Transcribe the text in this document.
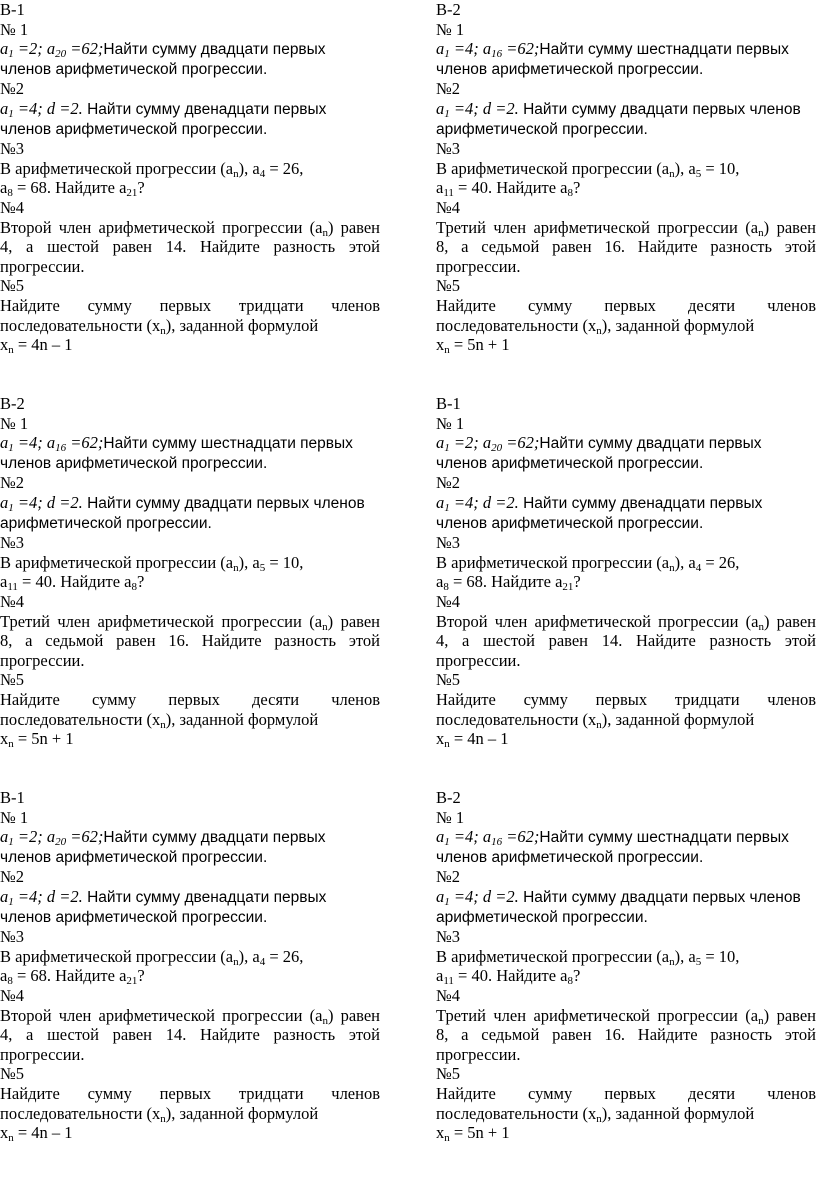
В-1
№ 1
$a_1 =2$; $a_{20}$ =62;Найти сумму двадцати первых
членов арифметической прогрессии.
№2
$a_1 =4$; d =2. Найти сумму двенадцати первых
членов арифметической прогрессии.
№3
В арифметической прогрессии $(a_n)$, $a_4 = 26$,
$a_8 = 68$. Найдите $a_{21}$?
№4
Второй член арифметической прогрессии $(a_n)$ равен
4, а шестой равен 14. Найдите разность этой
прогрессии.
№5
Найдите сумму первых тридцати членов
последовательности $(x_n)$, заданной формулой
$x_n = 4n - 1$
В-2
№ 1
$a_1 =4$; $a_{16}$ =62;Найти сумму шестнадцати первых
членов арифметической прогрессии.
№2
$a_1 =4$; d =2. Найти сумму двадцати первых членов
арифметической прогрессии.
№3
В арифметической прогрессии $(a_n)$, $a_5 = 10$,
$a_{11} = 40$. Найдите $a_8$?
№4
Третий член арифметической прогрессии $(a_n)$ равен
8, а седьмой равен 16. Найдите разность этой
прогрессии.
№5
Найдите сумму первых десяти членов
последовательности $(x_n)$, заданной формулой
$x_n = 5n + 1$
В-2
№ 1
$a_1 =4$; $a_{16}$ =62;Найти сумму шестнадцати первых
членов арифметической прогрессии.
№2
$a_1 =4$; d =2. Найти сумму двадцати первых членов
арифметической прогрессии.
№3
В арифметической прогрессии $(a_n)$, $a_5 = 10$,
$a_{11} = 40$. Найдите $a_8$?
№4
Третий член арифметической прогрессии $(a_n)$ равен
8, а седьмой равен 16. Найдите разность этой
прогрессии.
№5
Найдите сумму первых десяти членов
последовательности $(x_n)$, заданной формулой
$x_n = 5n + 1$
В-1
№ 1
$a_1 =2$; $a_{20}$ =62;Найти сумму двадцати первых
членов арифметической прогрессии.
№2
$a_1 =4$; d =2. Найти сумму двенадцати первых
членов арифметической прогрессии.
№3
В арифметической прогрессии $(a_n)$, $a_4 = 26$,
$a_8 = 68$. Найдите $a_{21}$?
№4
Второй член арифметической прогрессии $(a_n)$ равен
4, а шестой равен 14. Найдите разность этой
прогрессии.
№5
Найдите сумму первых тридцати членов
последовательности $(x_n)$, заданной формулой
$x_n = 4n - 1$
В-1
№ 1
$a_1 =2$; $a_{20}$ =62;Найти сумму двадцати первых
членов арифметической прогрессии.
№2
$a_1 =4$; d =2. Найти сумму двенадцати первых
членов арифметической прогрессии.
№3
В арифметической прогрессии $(a_n)$, $a_4 = 26$,
$a_8 = 68$. Найдите $a_{21}$?
№4
Второй член арифметической прогрессии $(a_n)$ равен
4, а шестой равен 14. Найдите разность этой
прогрессии.
№5
Найдите сумму первых тридцати членов
последовательности $(x_n)$, заданной формулой
$x_n = 4n - 1$
В-2
№ 1
$a_1 =4$; $a_{16}$ =62;Найти сумму шестнадцати первых
членов арифметической прогрессии.
№2
$a_1 =4$; d =2. Найти сумму двадцати первых членов
арифметической прогрессии.
№3
В арифметической прогрессии $(a_n)$, $a_5 = 10$,
$a_{11} = 40$. Найдите $a_8$?
№4
Третий член арифметической прогрессии $(a_n)$ равен
8, а седьмой равен 16. Найдите разность этой
прогрессии.
№5
Найдите сумму первых десяти членов
последовательности $(x_n)$, заданной формулой
$x_n = 5n + 1$
